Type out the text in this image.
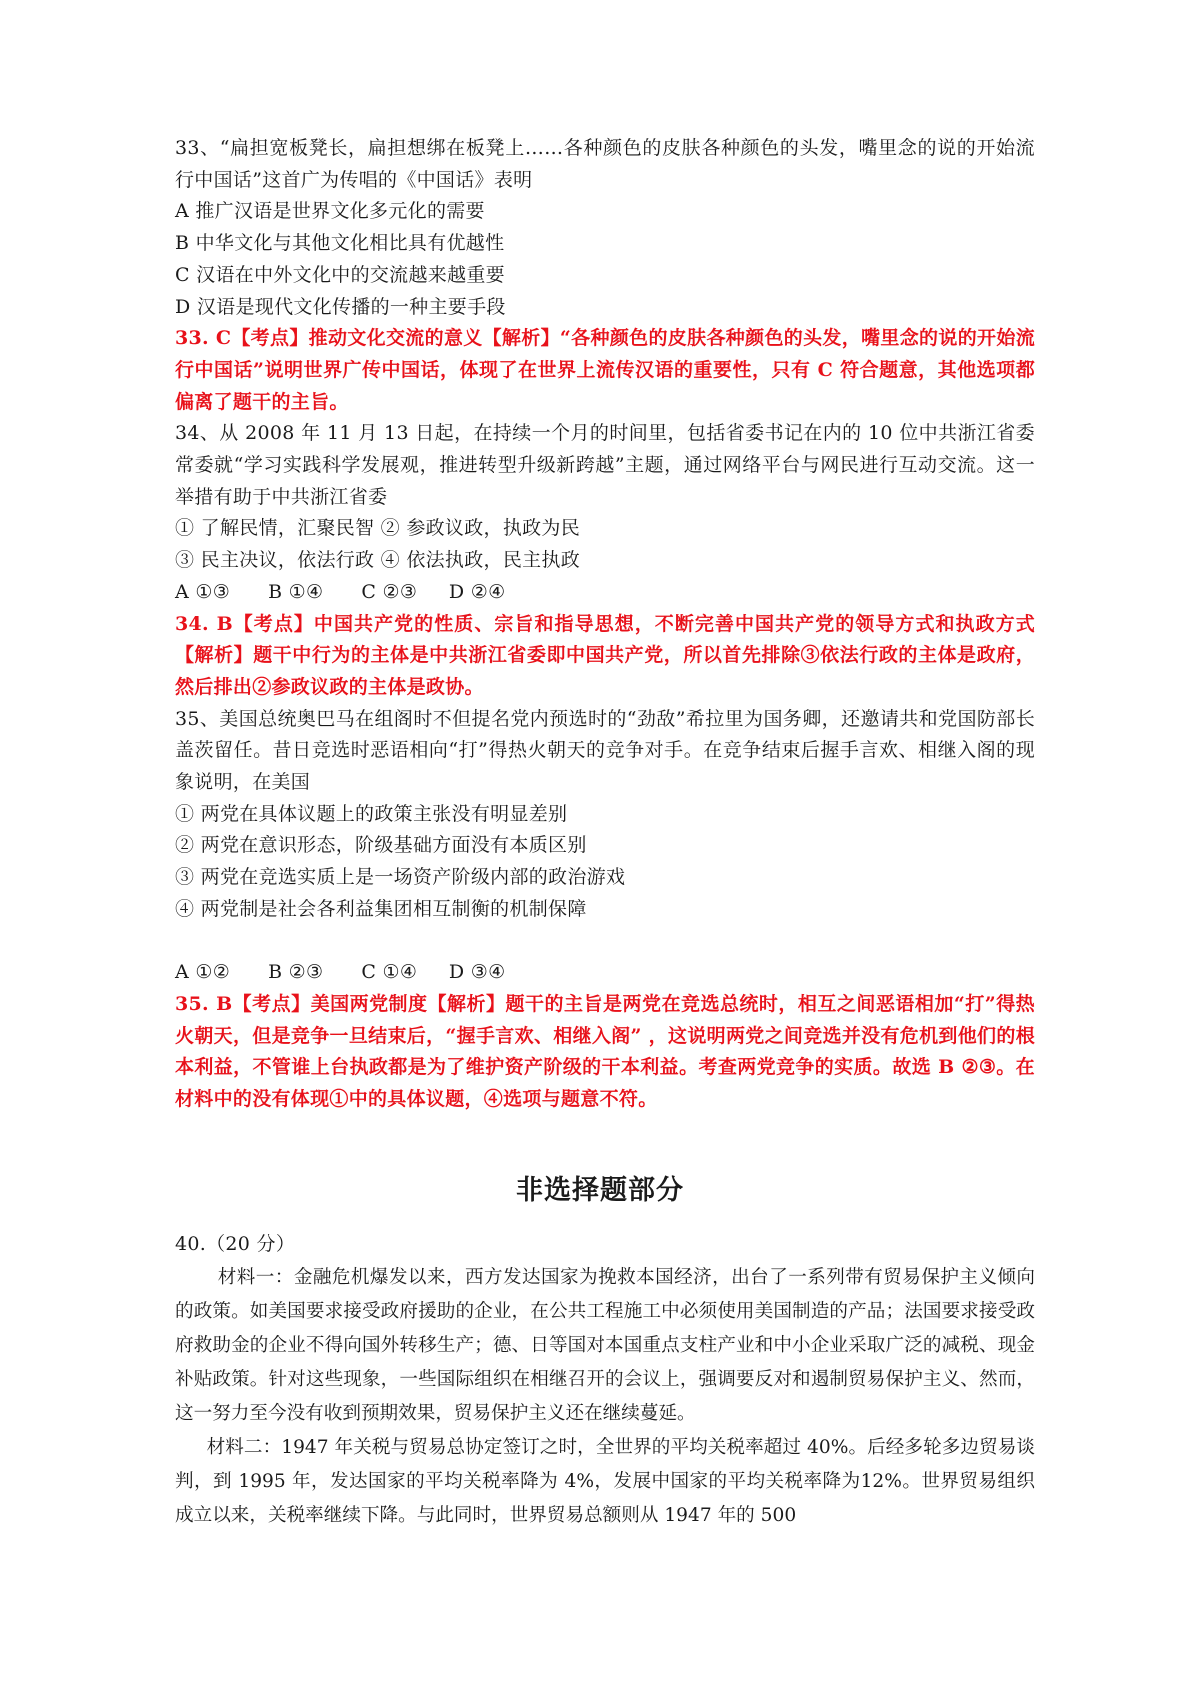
33、“扁担宽板凳长，扁担想绑在板凳上……各种颜色的皮肤各种颜色的头发，嘴里念的说的开始流行中国话”这首广为传唱的《中国话》表明

A 推广汉语是世界文化多元化的需要

B 中华文化与其他文化相比具有优越性

C 汉语在中外文化中的交流越来越重要

D 汉语是现代文化传播的一种主要手段

33. C【考点】推动文化交流的意义【解析】“各种颜色的皮肤各种颜色的头发，嘴里念的说的开始流行中国话”说明世界广传中国话，体现了在世界上流传汉语的重要性，只有 C 符合题意，其他选项都偏离了题干的主旨。

34、从 2008 年 11 月 13 日起，在持续一个月的时间里，包括省委书记在内的 10 位中共浙江省委常委就“学习实践科学发展观，推进转型升级新跨越”主题，通过网络平台与网民进行互动交流。这一举措有助于中共浙江省委

① 了解民情，汇聚民智 ② 参政议政，执政为民

③ 民主决议，依法行政 ④ 依法执政，民主执政

A ①③      B ①④      C ②③     D ②④

34. B【考点】中国共产党的性质、宗旨和指导思想，不断完善中国共产党的领导方式和执政方式【解析】题干中行为的主体是中共浙江省委即中国共产党，所以首先排除③依法行政的主体是政府，然后排出②参政议政的主体是政协。

35、美国总统奥巴马在组阁时不但提名党内预选时的“劲敌”希拉里为国务卿，还邀请共和党国防部长盖茨留任。昔日竞选时恶语相向“打”得热火朝天的竞争对手。在竞争结束后握手言欢、相继入阁的现象说明，在美国

① 两党在具体议题上的政策主张没有明显差别

② 两党在意识形态，阶级基础方面没有本质区别

③ 两党在竞选实质上是一场资产阶级内部的政治游戏

④ 两党制是社会各利益集团相互制衡的机制保障

A ①②      B ②③      C ①④     D ③④

35. B【考点】美国两党制度【解析】题干的主旨是两党在竞选总统时，相互之间恶语相加“打”得热火朝天，但是竞争一旦结束后，“握手言欢、相继入阁” ，这说明两党之间竞选并没有危机到他们的根本利益，不管谁上台执政都是为了维护资产阶级的干本利益。考查两党竞争的实质。故选 B ②③。在材料中的没有体现①中的具体议题，④选项与题意不符。

非选择题部分

40.（20 分）

材料一：金融危机爆发以来，西方发达国家为挽救本国经济，出台了一系列带有贸易保护主义倾向的政策。如美国要求接受政府援助的企业，在公共工程施工中必须使用美国制造的产品；法国要求接受政府救助金的企业不得向国外转移生产；德、日等国对本国重点支柱产业和中小企业采取广泛的减税、现金补贴政策。针对这些现象，一些国际组织在相继召开的会议上，强调要反对和遏制贸易保护主义、然而，这一努力至今没有收到预期效果，贸易保护主义还在继续蔓延。

材料二：1947 年关税与贸易总协定签订之时，全世界的平均关税率超过 40%。后经多轮多边贸易谈判，到 1995 年，发达国家的平均关税率降为 4%，发展中国家的平均关税率降为12%。世界贸易组织成立以来，关税率继续下降。与此同时，世界贸易总额则从 1947 年的 500
